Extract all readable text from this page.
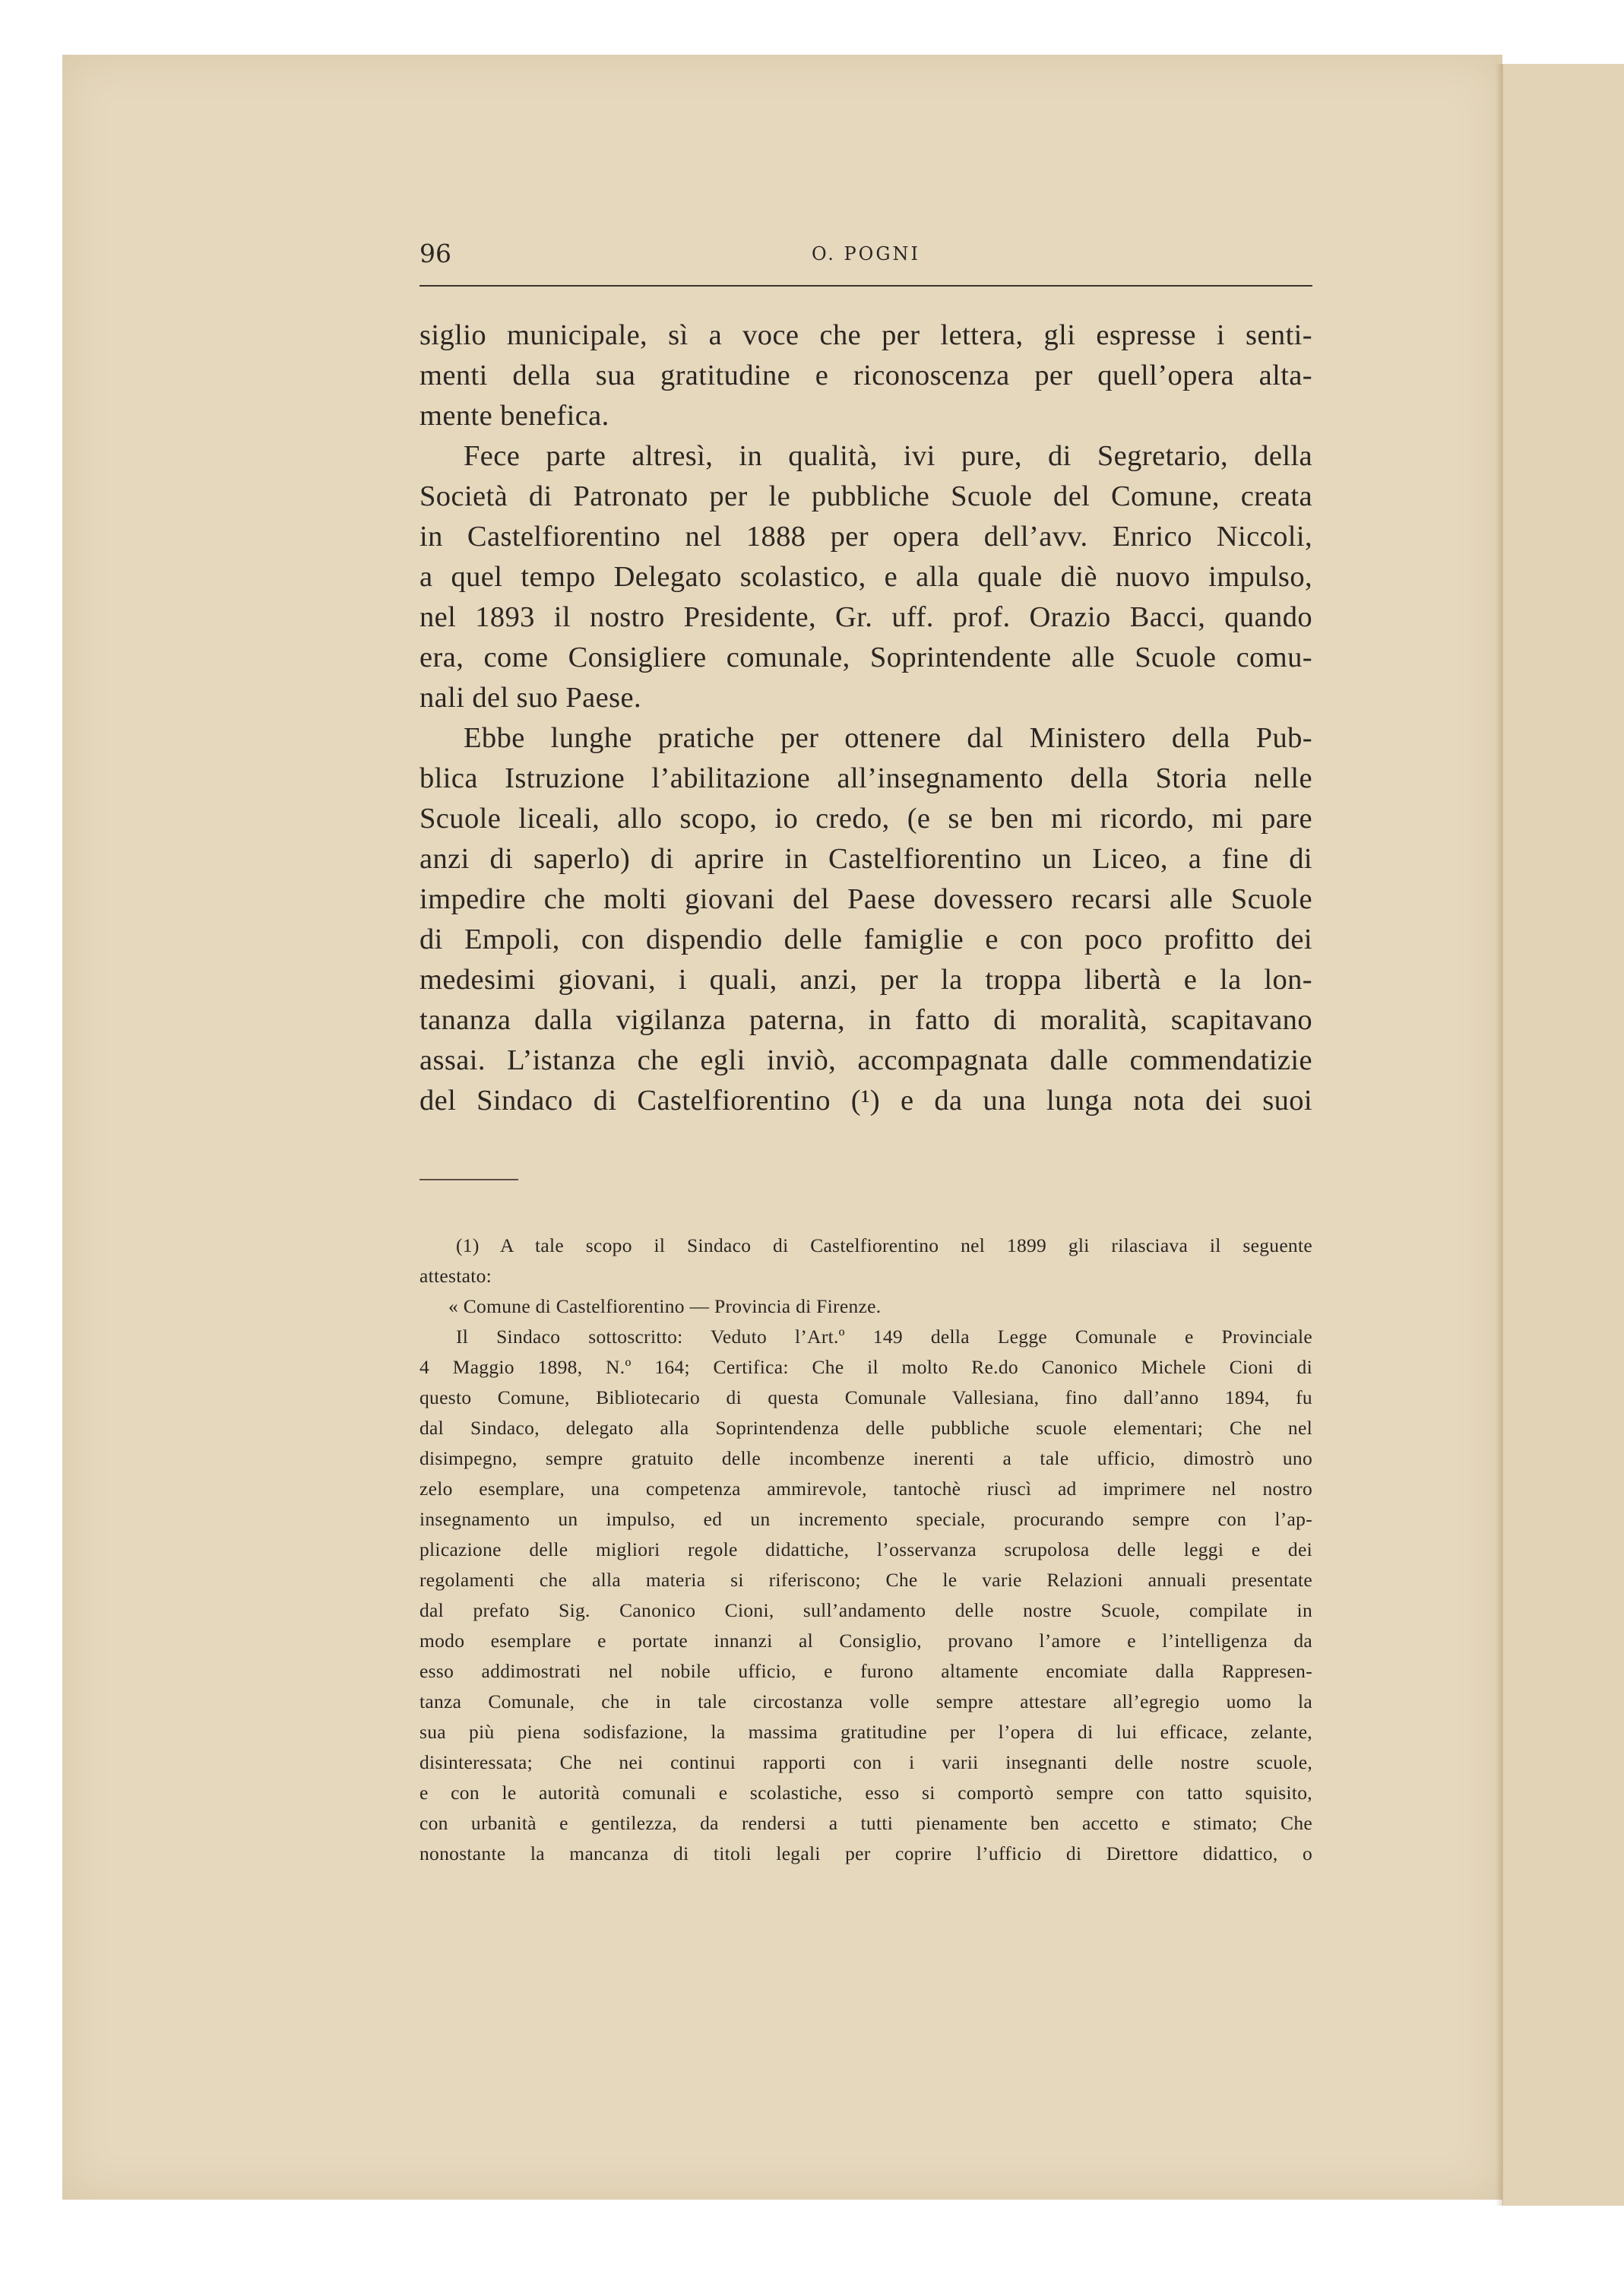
96	O. POGNI
siglio municipale, sì a voce che per lettera, gli espresse i senti-
menti della sua gratitudine e riconoscenza per quell’opera alta-
mente benefica.
Fece parte altresì, in qualità, ivi pure, di Segretario, della
Società di Patronato per le pubbliche Scuole del Comune, creata
in Castelfiorentino nel 1888 per opera dell’avv. Enrico Niccoli,
a quel tempo Delegato scolastico, e alla quale diè nuovo impulso,
nel 1893 il nostro Presidente, Gr. uff. prof. Orazio Bacci, quando
era, come Consigliere comunale, Soprintendente alle Scuole comu-
nali del suo Paese.
Ebbe lunghe pratiche per ottenere dal Ministero della Pub-
blica Istruzione l’abilitazione all’insegnamento della Storia nelle
Scuole liceali, allo scopo, io credo, (e se ben mi ricordo, mi pare
anzi di saperlo) di aprire in Castelfiorentino un Liceo, a fine di
impedire che molti giovani del Paese dovessero recarsi alle Scuole
di Empoli, con dispendio delle famiglie e con poco profitto dei
medesimi giovani, i quali, anzi, per la troppa libertà e la lon-
tananza dalla vigilanza paterna, in fatto di moralità, scapitavano
assai. L’istanza che egli inviò, accompagnata dalle commendatizie
del Sindaco di Castelfiorentino (¹) e da una lunga nota dei suoi
(1) A tale scopo il Sindaco di Castelfiorentino nel 1899 gli rilasciava il seguente
attestato:
« Comune di Castelfiorentino — Provincia di Firenze.
Il Sindaco sottoscritto: Veduto l’Art.º 149 della Legge Comunale e Provinciale
4 Maggio 1898, N.º 164; Certifica: Che il molto Re.do Canonico Michele Cioni di
questo Comune, Bibliotecario di questa Comunale Vallesiana, fino dall’anno 1894, fu
dal Sindaco, delegato alla Soprintendenza delle pubbliche scuole elementari; Che nel
disimpegno, sempre gratuito delle incombenze inerenti a tale ufficio, dimostrò uno
zelo esemplare, una competenza ammirevole, tantochè riuscì ad imprimere nel nostro
insegnamento un impulso, ed un incremento speciale, procurando sempre con l’ap-
plicazione delle migliori regole didattiche, l’osservanza scrupolosa delle leggi e dei
regolamenti che alla materia si riferiscono; Che le varie Relazioni annuali presentate
dal prefato Sig. Canonico Cioni, sull’andamento delle nostre Scuole, compilate in
modo esemplare e portate innanzi al Consiglio, provano l’amore e l’intelligenza da
esso addimostrati nel nobile ufficio, e furono altamente encomiate dalla Rappresen-
tanza Comunale, che in tale circostanza volle sempre attestare all’egregio uomo la
sua più piena sodisfazione, la massima gratitudine per l’opera di lui efficace, zelante,
disinteressata; Che nei continui rapporti con i varii insegnanti delle nostre scuole,
e con le autorità comunali e scolastiche, esso si comportò sempre con tatto squisito,
con urbanità e gentilezza, da rendersi a tutti pienamente ben accetto e stimato; Che
nonostante la mancanza di titoli legali per coprire l’ufficio di Direttore didattico, o
